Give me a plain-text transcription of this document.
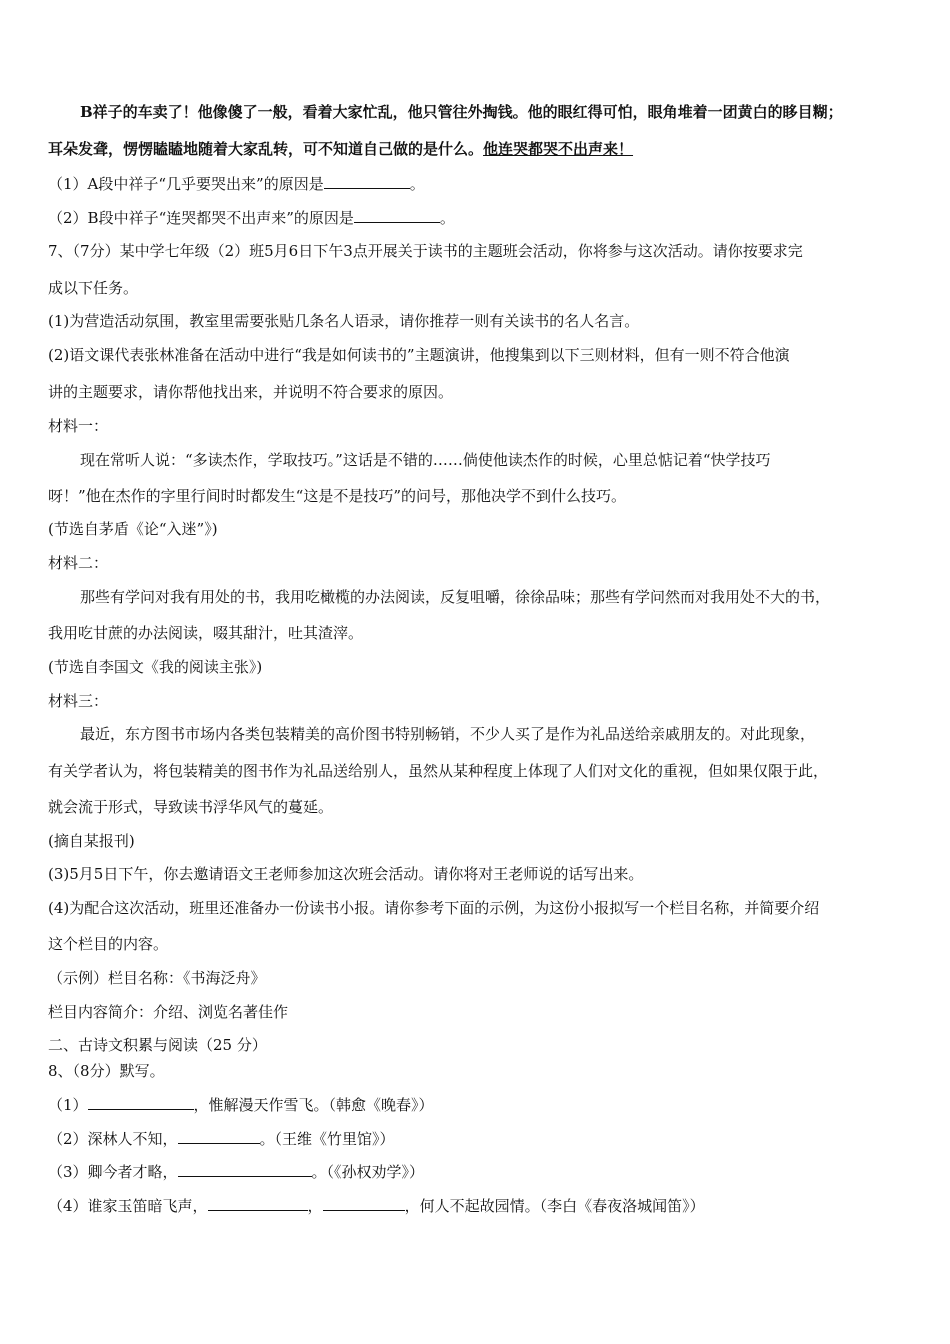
B祥子的车卖了！他像傻了一般，看着大家忙乱，他只管往外掏钱。他的眼红得可怕，眼角堆着一团黄白的眵目糊；
耳朵发聋，愣愣瞌瞌地随着大家乱转，可不知道自己做的是什么。他连哭都哭不出声来！
（1）A段中祥子“几乎要哭出来”的原因是	。
（2）B段中祥子“连哭都哭不出声来”的原因是	。
7、（7分）某中学七年级（2）班5月6日下午3点开展关于读书的主题班会活动，你将参与这次活动。请你按要求完
成以下任务。
(1)为营造活动氛围，教室里需要张贴几条名人语录，请你推荐一则有关读书的名人名言。
(2)语文课代表张林准备在活动中进行“我是如何读书的”主题演讲，他搜集到以下三则材料，但有一则不符合他演
讲的主题要求，请你帮他找出来，并说明不符合要求的原因。
材料一：
现在常听人说：“多读杰作，学取技巧。”这话是不错的……倘使他读杰作的时候，心里总惦记着“快学技巧
呀！”他在杰作的字里行间时时都发生“这是不是技巧”的问号，那他决学不到什么技巧。
(节选自茅盾《论“入迷”》)
材料二：
那些有学问对我有用处的书，我用吃橄榄的办法阅读，反复咀嚼，徐徐品味；那些有学问然而对我用处不大的书，
我用吃甘蔗的办法阅读，啜其甜汁，吐其渣滓。
(节选自李国文《我的阅读主张》)
材料三：
最近，东方图书市场内各类包装精美的高价图书特别畅销，不少人买了是作为礼品送给亲戚朋友的。对此现象，
有关学者认为，将包装精美的图书作为礼品送给别人，虽然从某种程度上体现了人们对文化的重视，但如果仅限于此，
就会流于形式，导致读书浮华风气的蔓延。
(摘自某报刊)
(3)5月5日下午，你去邀请语文王老师参加这次班会活动。请你将对王老师说的话写出来。
(4)为配合这次活动，班里还准备办一份读书小报。请你参考下面的示例，为这份小报拟写一个栏目名称，并简要介绍
这个栏目的内容。
（示例）栏目名称：《书海泛舟》
栏目内容简介：介绍、浏览名著佳作
二、古诗文积累与阅读（25 分）
8、（8分）默写。
（1）	，惟解漫天作雪飞。（韩愈《晚春》）
（2）深林人不知，	。（王维《竹里馆》）
（3）卿今者才略，	。（《孙权劝学》）
（4）谁家玉笛暗飞声，	，	，何人不起故园情。（李白《春夜洛城闻笛》）
